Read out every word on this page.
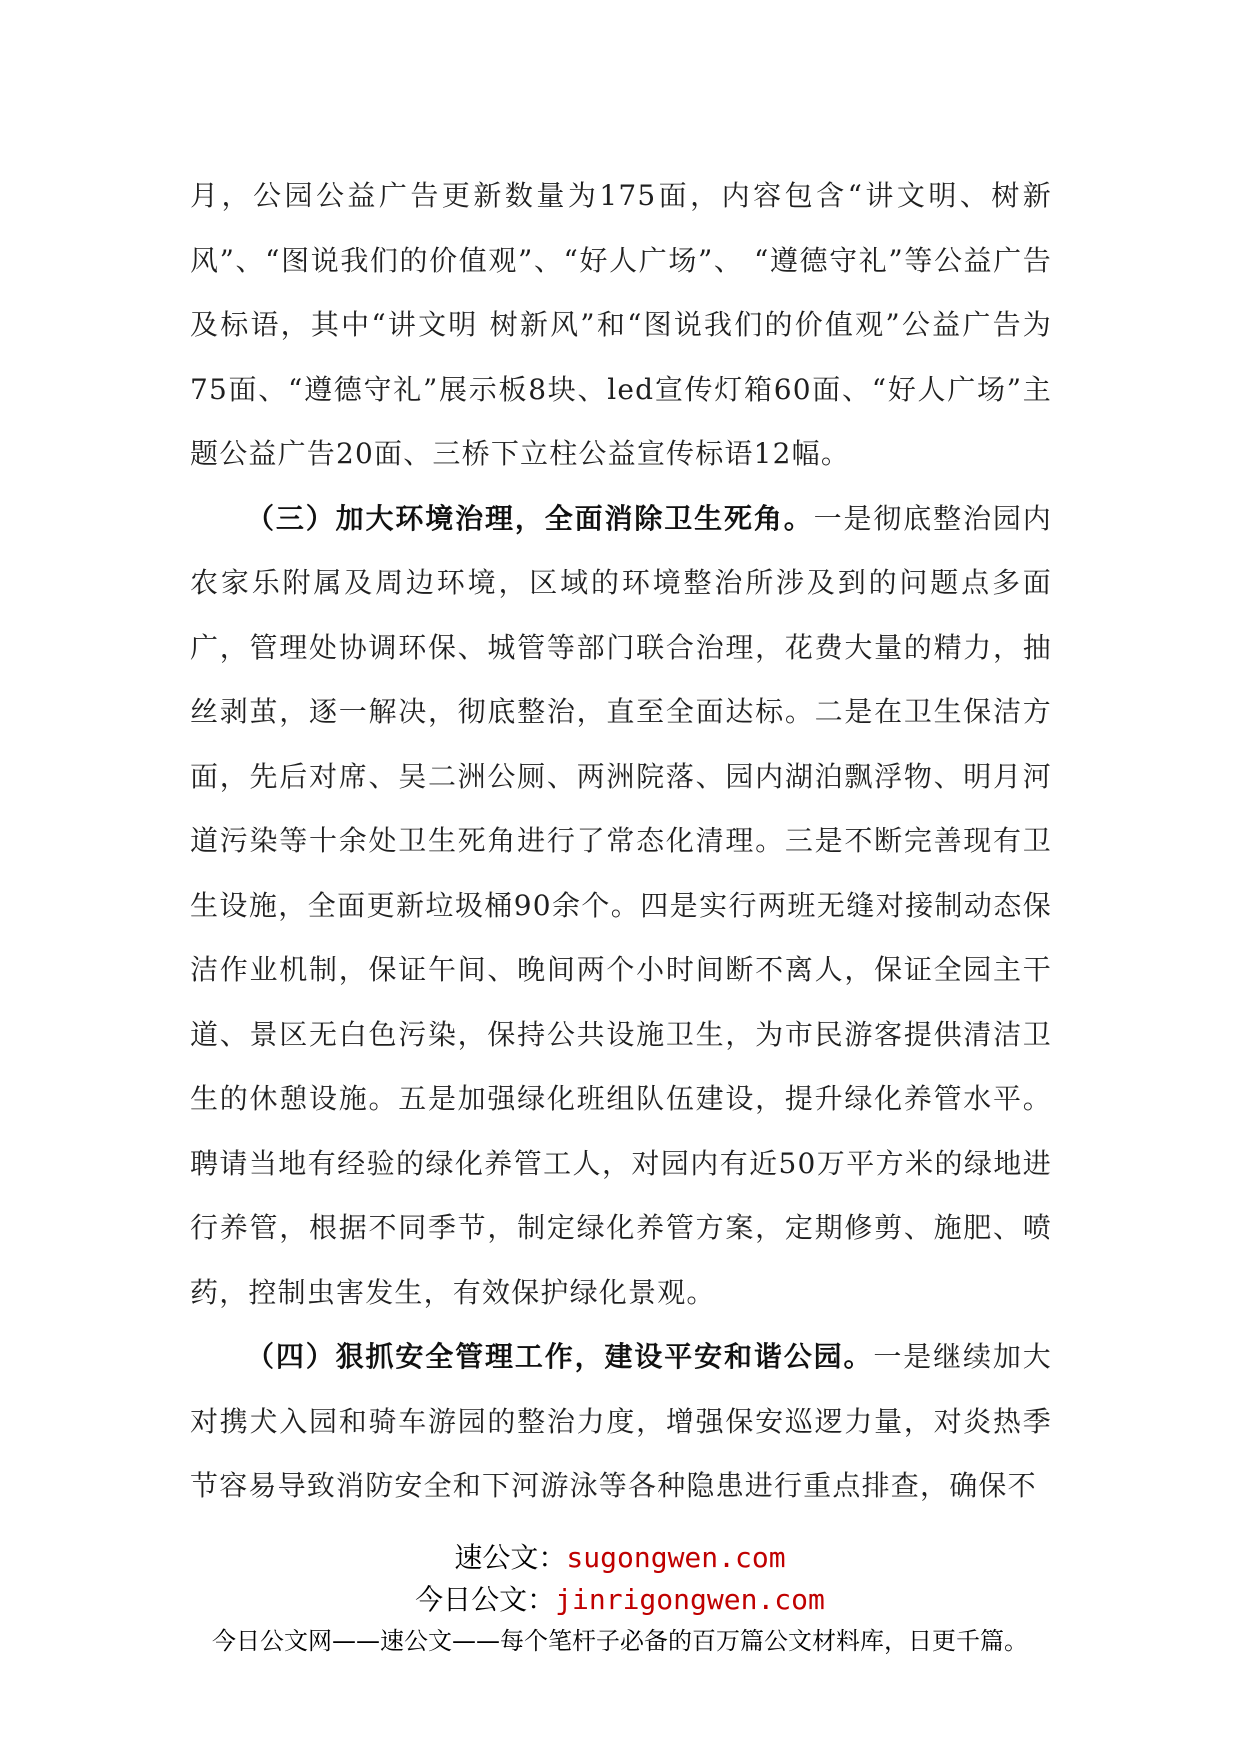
月，公园公益广告更新数量为175面，内容包含“讲文明、树新风”、“图说我们的价值观”、“好人广场”、 “遵德守礼”等公益广告及标语，其中“讲文明 树新风”和“图说我们的价值观”公益广告为75面、“遵德守礼”展示板8块、led宣传灯箱60面、“好人广场”主题公益广告20面、三桥下立柱公益宣传标语12幅。

（三）加大环境治理，全面消除卫生死角。一是彻底整治园内农家乐附属及周边环境，区域的环境整治所涉及到的问题点多面广，管理处协调环保、城管等部门联合治理，花费大量的精力，抽丝剥茧，逐一解决，彻底整治，直至全面达标。二是在卫生保洁方面，先后对席、吴二洲公厕、两洲院落、园内湖泊飘浮物、明月河道污染等十余处卫生死角进行了常态化清理。三是不断完善现有卫生设施，全面更新垃圾桶90余个。四是实行两班无缝对接制动态保洁作业机制，保证午间、晚间两个小时间断不离人，保证全园主干道、景区无白色污染，保持公共设施卫生，为市民游客提供清洁卫生的休憩设施。五是加强绿化班组队伍建设，提升绿化养管水平。聘请当地有经验的绿化养管工人，对园内有近50万平方米的绿地进行养管，根据不同季节，制定绿化养管方案，定期修剪、施肥、喷药，控制虫害发生，有效保护绿化景观。

（四）狠抓安全管理工作，建设平安和谐公园。一是继续加大对携犬入园和骑车游园的整治力度，增强保安巡逻力量，对炎热季节容易导致消防安全和下河游泳等各种隐患进行重点排查，确保不

速公文：sugongwen.com
今日公文：jinrigongwen.com
今日公文网——速公文——每个笔杆子必备的百万篇公文材料库，日更千篇。
